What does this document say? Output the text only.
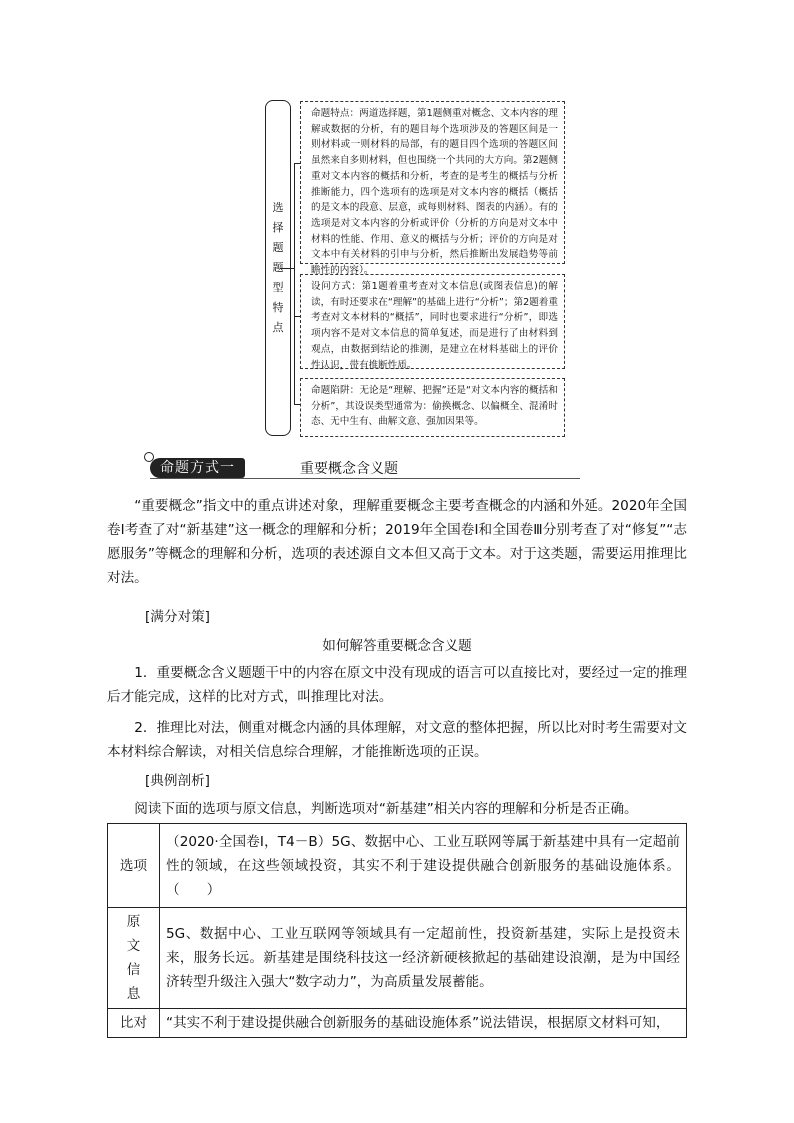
选
择
题
题
型
特
点
命题特点：两道选择题，第1题侧重对概念、文本内容的理解或数据的分析，有的题目每个选项涉及的答题区间是一则材料或一则材料的局部，有的题目四个选项的答题区间虽然来自多则材料，但也围绕一个共同的大方向。第2题侧重对文本内容的概括和分析，考查的是考生的概括与分析推断能力，四个选项有的选项是对文本内容的概括（概括的是文本的段意、层意，或每则材料、图表的内涵）。有的选项是对文本内容的分析或评价（分析的方向是对文本中材料的性能、作用、意义的概括与分析；评价的方向是对文本中有关材料的引申与分析，然后推断出发展趋势等前瞻性的内容）。
设问方式：第1题着重考查对文本信息(或图表信息)的解读，有时还要求在“理解”的基础上进行“分析”；第2题着重考查对文本材料的“概括”，同时也要求进行“分析”，即选项内容不是对文本信息的简单复述，而是进行了由材料到观点，由数据到结论的推测，是建立在材料基础上的评价性认识，带有推断性质。
命题陷阱：无论是“理解、把握”还是“对文本内容的概括和分析”，其设误类型通常为：偷换概念、以偏概全、混淆时态、无中生有、曲解文意、强加因果等。
命题方式一	重要概念含义题
“重要概念”指文中的重点讲述对象，理解重要概念主要考查概念的内涵和外延。2020年全国卷Ⅰ考查了对“新基建”这一概念的理解和分析；2019年全国卷Ⅰ和全国卷Ⅲ分别考查了对“修复”“志愿服务”等概念的理解和分析，选项的表述源自文本但又高于文本。对于这类题，需要运用推理比对法。
[满分对策]
如何解答重要概念含义题
1．重要概念含义题题干中的内容在原文中没有现成的语言可以直接比对，要经过一定的推理后才能完成，这样的比对方式，叫推理比对法。
2．推理比对法，侧重对概念内涵的具体理解，对文意的整体把握，所以比对时考生需要对文本材料综合解读，对相关信息综合理解，才能推断选项的正误。
[典例剖析]
阅读下面的选项与原文信息，判断选项对“新基建”相关内容的理解和分析是否正确。
选项	（2020·全国卷Ⅰ，T4－B）5G、数据中心、工业互联网等属于新基建中具有一定超前性的领域，在这些领域投资，其实不利于建设提供融合创新服务的基础设施体系。（　　）
原文信息	5G、数据中心、工业互联网等领域具有一定超前性，投资新基建，实际上是投资未来，服务长远。新基建是围绕科技这一经济新硬核掀起的基础建设浪潮，是为中国经济转型升级注入强大“数字动力”，为高质量发展蓄能。
比对	“其实不利于建设提供融合创新服务的基础设施体系”说法错误，根据原文材料可知，
